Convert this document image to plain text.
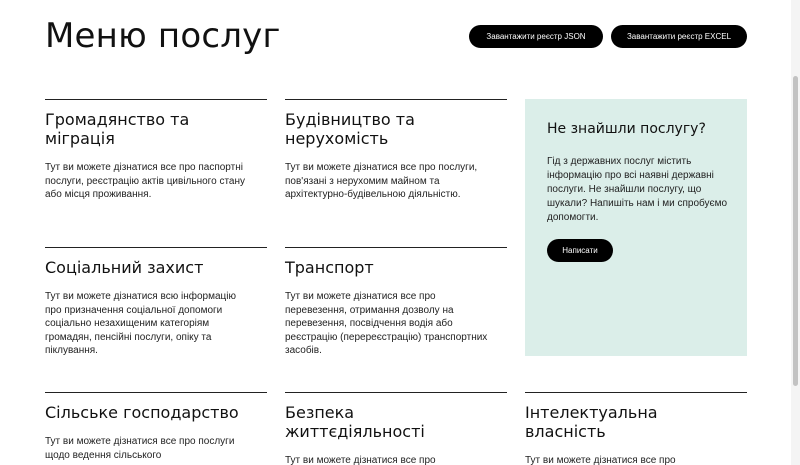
Меню послуг	Завантажити реєстр JSON	Завантажити реєстр EXCEL
Громадянство та міграція
Тут ви можете дізнатися все про паспортні послуги, реєстрацію актів цивільного стану або місця проживання.
Будівництво та нерухомість
Тут ви можете дізнатися все про послуги, пов'язані з нерухомим майном та архітектурно-будівельною діяльністю.
Соціальний захист
Тут ви можете дізнатися всю інформацію про призначення соціальної допомоги соціально незахищеним категоріям громадян, пенсійні послуги, опіку та піклування.
Транспорт
Тут ви можете дізнатися все про перевезення, отримання дозволу на перевезення, посвідчення водія або реєстрацію (перереєстрацію) транспортних засобів.
Сільське господарство
Тут ви можете дізнатися все про послуги щодо ведення сільського
Безпека життєдіяльності
Тут ви можете дізнатися все про
Інтелектуальна власність
Тут ви можете дізнатися все про
Не знайшли послугу?
Гід з державних послуг містить інформацію про всі наявні державні послуги. Не знайшли послугу, що шукали? Напишіть нам і ми спробуємо допомогти.
Написати
